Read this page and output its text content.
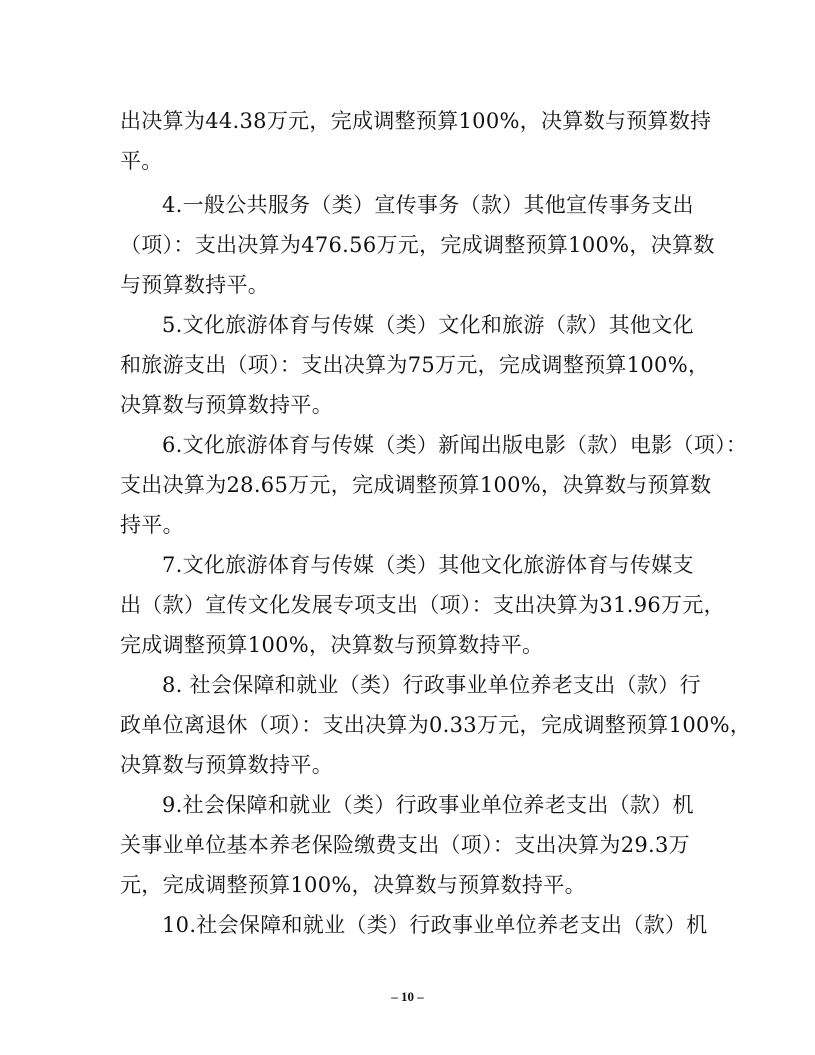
出决算为44.38万元，完成调整预算100%，决算数与预算数持
平。
4.一般公共服务（类）宣传事务（款）其他宣传事务支出
（项）：支出决算为476.56万元，完成调整预算100%，决算数
与预算数持平。
5.文化旅游体育与传媒（类）文化和旅游（款）其他文化
和旅游支出（项）：支出决算为75万元，完成调整预算100%，
决算数与预算数持平。
6.文化旅游体育与传媒（类）新闻出版电影（款）电影（项）：
支出决算为28.65万元，完成调整预算100%，决算数与预算数
持平。
7.文化旅游体育与传媒（类）其他文化旅游体育与传媒支
出（款）宣传文化发展专项支出（项）：支出决算为31.96万元，
完成调整预算100%，决算数与预算数持平。
8. 社会保障和就业（类）行政事业单位养老支出（款）行
政单位离退休（项）：支出决算为0.33万元，完成调整预算100%，
决算数与预算数持平。
9.社会保障和就业（类）行政事业单位养老支出（款）机
关事业单位基本养老保险缴费支出（项）：支出决算为29.3万
元，完成调整预算100%，决算数与预算数持平。
10.社会保障和就业（类）行政事业单位养老支出（款）机
– 10 –
